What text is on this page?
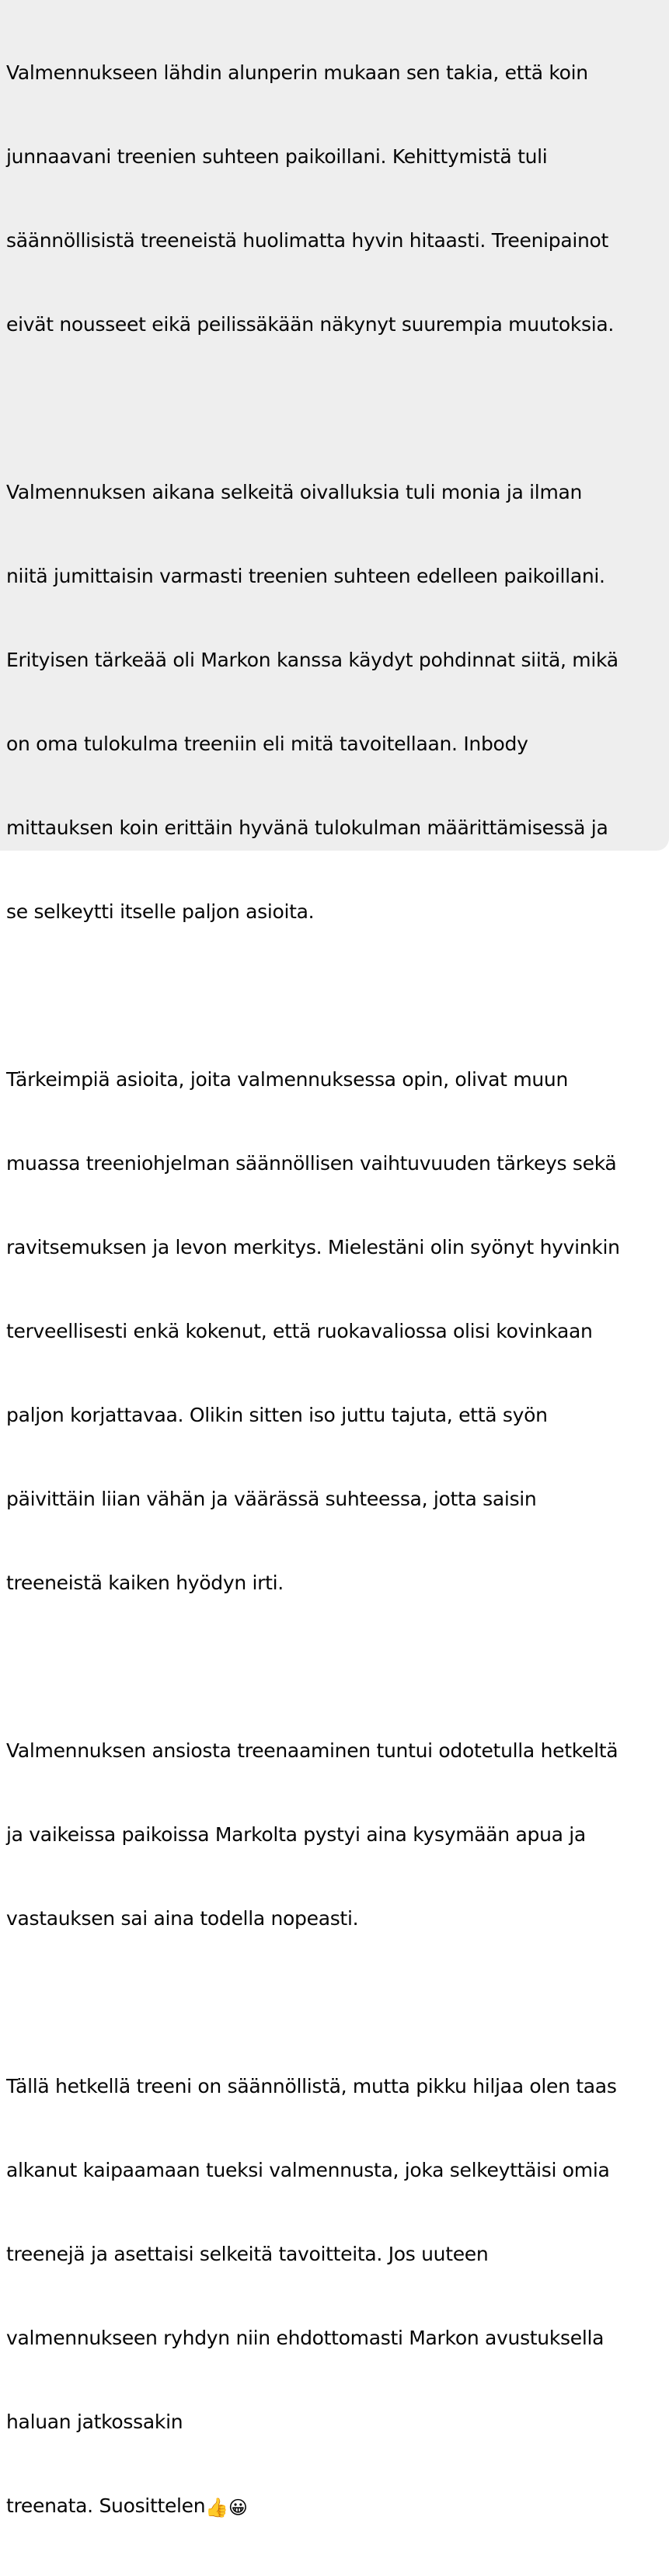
Valmennukseen lähdin alunperin mukaan sen takia, että koin

junnaavani treenien suhteen paikoillani. Kehittymistä tuli

säännöllisistä treeneistä huolimatta hyvin hitaasti. Treenipainot

eivät nousseet eikä peilissäkään näkynyt suurempia muutoksia.

Valmennuksen aikana selkeitä oivalluksia tuli monia ja ilman

niitä jumittaisin varmasti treenien suhteen edelleen paikoillani.

Erityisen tärkeää oli Markon kanssa käydyt pohdinnat siitä, mikä

on oma tulokulma treeniin eli mitä tavoitellaan. Inbody

mittauksen koin erittäin hyvänä tulokulman määrittämisessä ja

se selkeytti itselle paljon asioita.

Tärkeimpiä asioita, joita valmennuksessa opin, olivat muun

muassa treeniohjelman säännöllisen vaihtuvuuden tärkeys sekä

ravitsemuksen ja levon merkitys. Mielestäni olin syönyt hyvinkin

terveellisesti enkä kokenut, että ruokavaliossa olisi kovinkaan

paljon korjattavaa. Olikin sitten iso juttu tajuta, että syön

päivittäin liian vähän ja väärässä suhteessa, jotta saisin

treeneistä kaiken hyödyn irti.

Valmennuksen ansiosta treenaaminen tuntui odotetulla hetkeltä

ja vaikeissa paikoissa Markolta pystyi aina kysymään apua ja

vastauksen sai aina todella nopeasti.

Tällä hetkellä treeni on säännöllistä, mutta pikku hiljaa olen taas

alkanut kaipaamaan tueksi valmennusta, joka selkeyttäisi omia

treenejä ja asettaisi selkeitä tavoitteita. Jos uuteen

valmennukseen ryhdyn niin ehdottomasti Markon avustuksella

haluan jatkossakin

treenata. Suosittelen👍😀
